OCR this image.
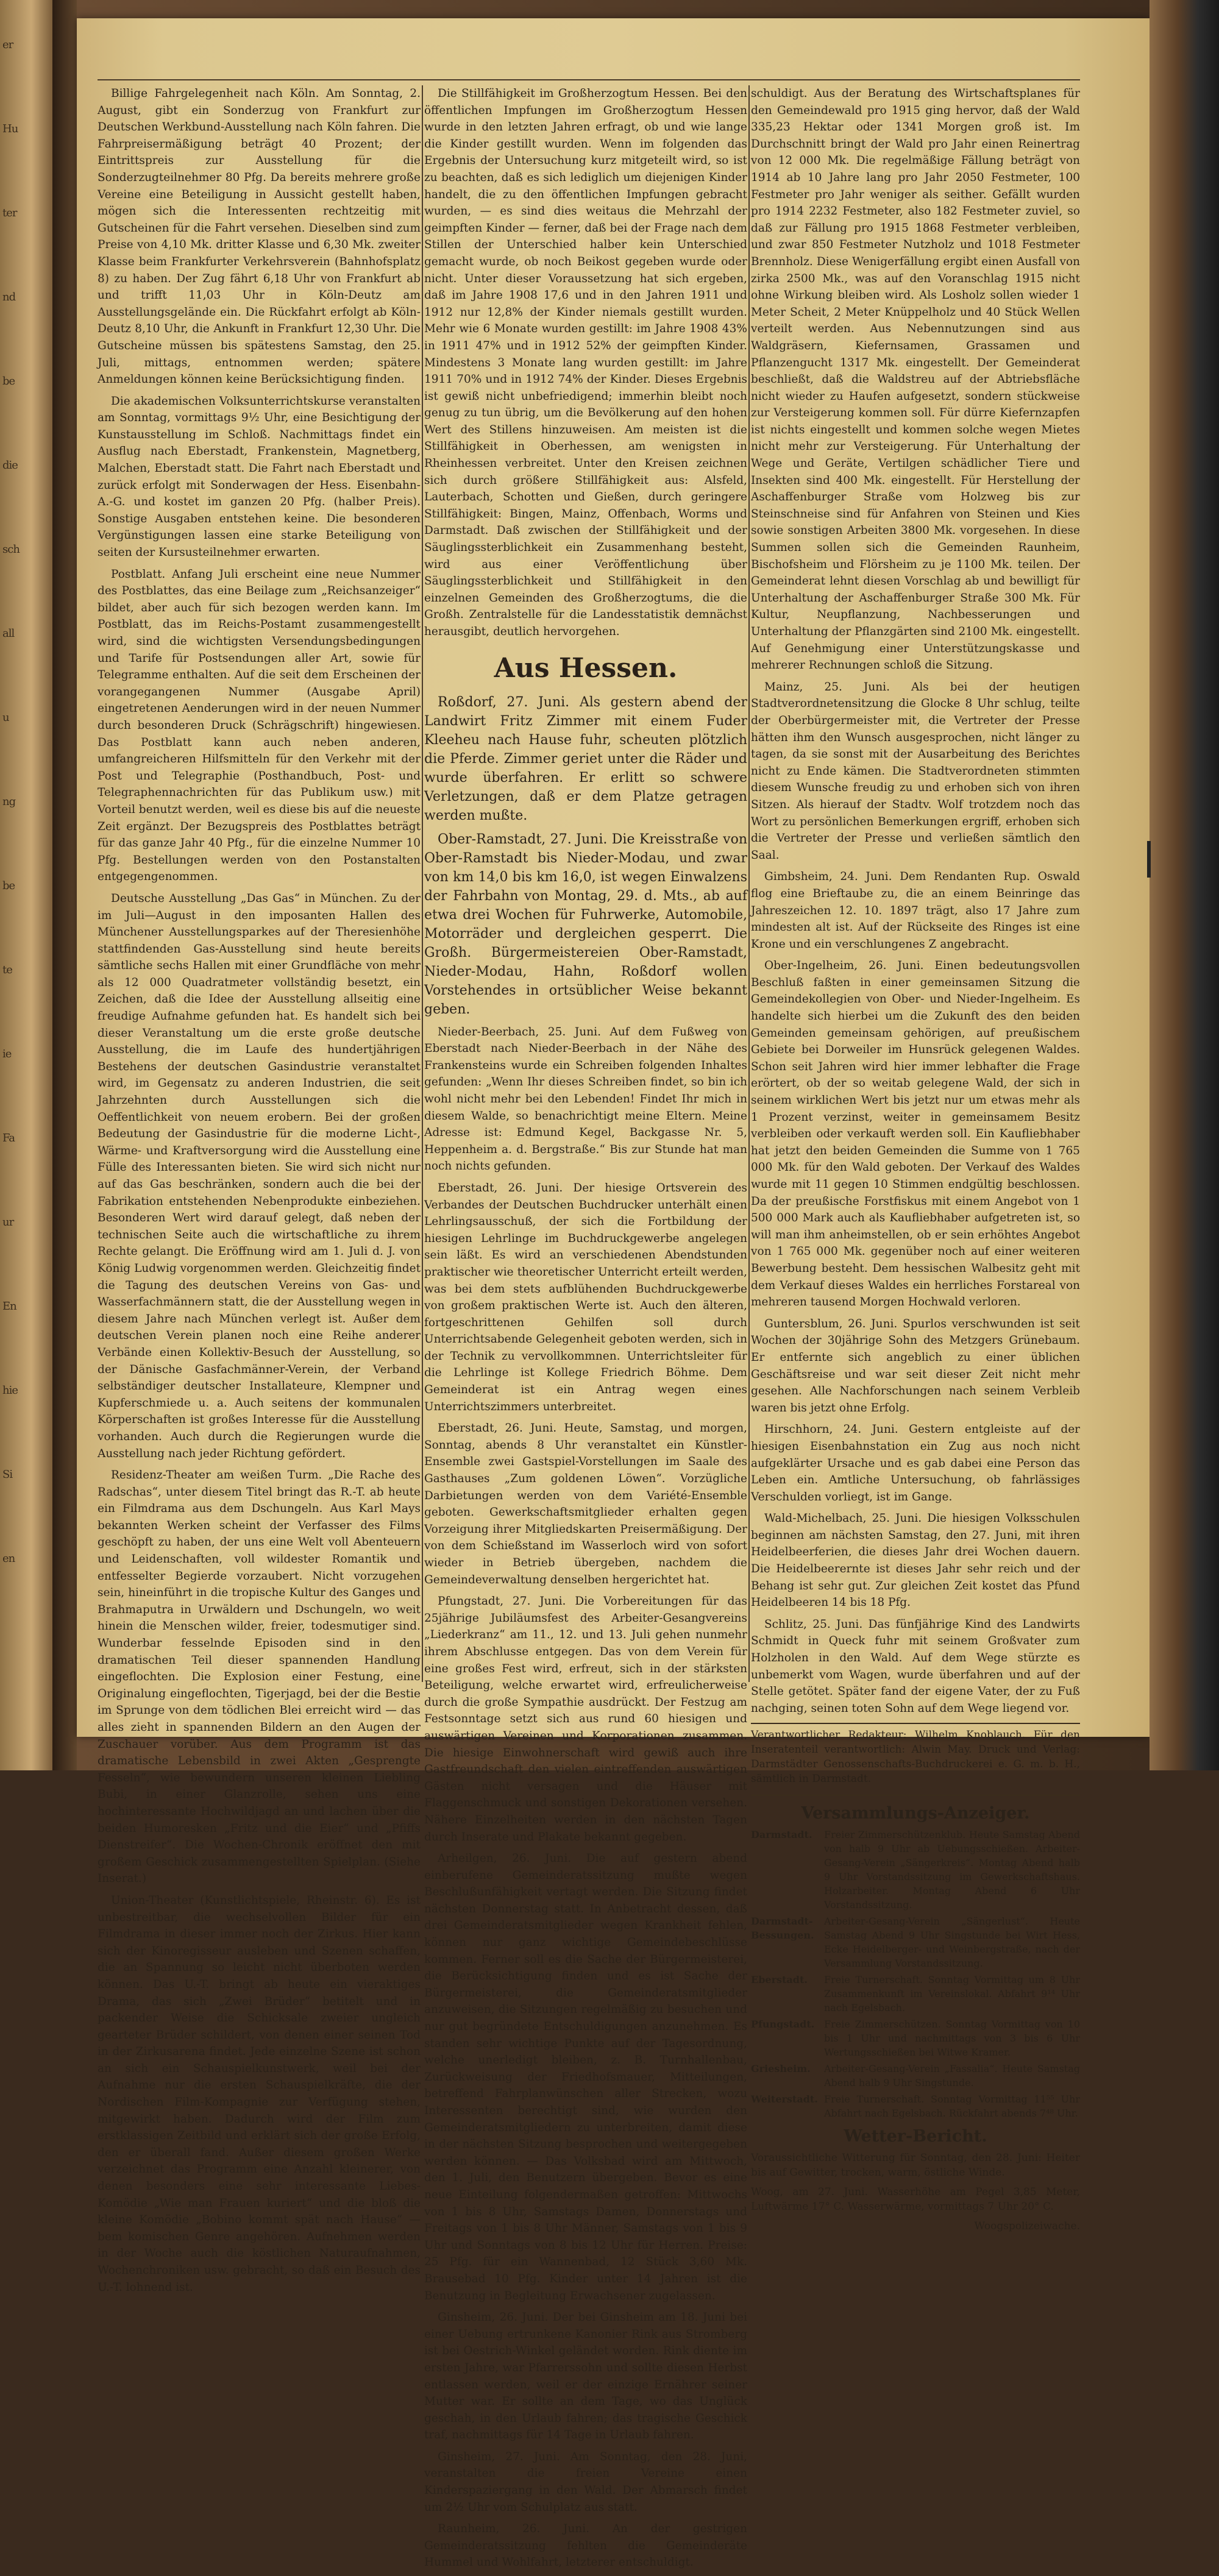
er

Hu

ter

nd

be

die

sch

all

u

ng

be

te

ie

Fa

ur

En

hie

Si

en

Billige Fahrgelegenheit nach Köln. Am Sonntag, 2. August, gibt ein Sonderzug von Frankfurt zur Deutschen Werkbund-Ausstellung nach Köln fahren. Die Fahrpreisermäßigung beträgt 40 Prozent; der Eintrittspreis zur Ausstellung für die Sonderzugteilnehmer 80 Pfg. Da bereits mehrere große Vereine eine Beteiligung in Aussicht gestellt haben, mögen sich die Interessenten rechtzeitig mit Gutscheinen für die Fahrt versehen. Dieselben sind zum Preise von 4,10 Mk. dritter Klasse und 6,30 Mk. zweiter Klasse beim Frankfurter Verkehrsverein (Bahnhofsplatz 8) zu haben. Der Zug fährt 6,18 Uhr von Frankfurt ab und trifft 11,03 Uhr in Köln-Deutz am Ausstellungsgelände ein. Die Rückfahrt erfolgt ab Köln-Deutz 8,10 Uhr, die Ankunft in Frankfurt 12,30 Uhr. Die Gutscheine müssen bis spätestens Samstag, den 25. Juli, mittags, entnommen werden; spätere Anmeldungen können keine Berücksichtigung finden.

Die akademischen Volksunterrichtskurse veranstalten am Sonntag, vormittags 9½ Uhr, eine Besichtigung der Kunstausstellung im Schloß. Nachmittags findet ein Ausflug nach Eberstadt, Frankenstein, Magnetberg, Malchen, Eberstadt statt. Die Fahrt nach Eberstadt und zurück erfolgt mit Sonderwagen der Hess. Eisenbahn-A.-G. und kostet im ganzen 20 Pfg. (halber Preis). Sonstige Ausgaben entstehen keine. Die besonderen Vergünstigungen lassen eine starke Beteiligung von seiten der Kursusteilnehmer erwarten.

Postblatt. Anfang Juli erscheint eine neue Nummer des Postblattes, das eine Beilage zum „Reichsanzeiger“ bildet, aber auch für sich bezogen werden kann. Im Postblatt, das im Reichs-Postamt zusammengestellt wird, sind die wichtigsten Versendungsbedingungen und Tarife für Postsendungen aller Art, sowie für Telegramme enthalten. Auf die seit dem Erscheinen der vorangegangenen Nummer (Ausgabe April) eingetretenen Aenderungen wird in der neuen Nummer durch besonderen Druck (Schrägschrift) hingewiesen. Das Postblatt kann auch neben anderen, umfangreicheren Hilfsmitteln für den Verkehr mit der Post und Telegraphie (Posthandbuch, Post- und Telegraphennachrichten für das Publikum usw.) mit Vorteil benutzt werden, weil es diese bis auf die neueste Zeit ergänzt. Der Bezugspreis des Postblattes beträgt für das ganze Jahr 40 Pfg., für die einzelne Nummer 10 Pfg. Bestellungen werden von den Postanstalten entgegengenommen.

Deutsche Ausstellung „Das Gas“ in München. Zu der im Juli—August in den imposanten Hallen des Münchener Ausstellungsparkes auf der Theresienhöhe stattfindenden Gas-Ausstellung sind heute bereits sämtliche sechs Hallen mit einer Grundfläche von mehr als 12 000 Quadratmeter vollständig besetzt, ein Zeichen, daß die Idee der Ausstellung allseitig eine freudige Aufnahme gefunden hat. Es handelt sich bei dieser Veranstaltung um die erste große deutsche Ausstellung, die im Laufe des hundertjährigen Bestehens der deutschen Gasindustrie veranstaltet wird, im Gegensatz zu anderen Industrien, die seit Jahrzehnten durch Ausstellungen sich die Oeffentlichkeit von neuem erobern. Bei der großen Bedeutung der Gasindustrie für die moderne Licht-, Wärme- und Kraftversorgung wird die Ausstellung eine Fülle des Interessanten bieten. Sie wird sich nicht nur auf das Gas beschränken, sondern auch die bei der Fabrikation entstehenden Nebenprodukte einbeziehen. Besonderen Wert wird darauf gelegt, daß neben der technischen Seite auch die wirtschaftliche zu ihrem Rechte gelangt. Die Eröffnung wird am 1. Juli d. J. von König Ludwig vorgenommen werden. Gleichzeitig findet die Tagung des deutschen Vereins von Gas- und Wasserfachmännern statt, die der Ausstellung wegen in diesem Jahre nach München verlegt ist. Außer dem deutschen Verein planen noch eine Reihe anderer Verbände einen Kollektiv-Besuch der Ausstellung, so der Dänische Gasfachmänner-Verein, der Verband selbständiger deutscher Installateure, Klempner und Kupferschmiede u. a. Auch seitens der kommunalen Körperschaften ist großes Interesse für die Ausstellung vorhanden. Auch durch die Regierungen wurde die Ausstellung nach jeder Richtung gefördert.

Residenz-Theater am weißen Turm. „Die Rache des Radschas“, unter diesem Titel bringt das R.-T. ab heute ein Filmdrama aus dem Dschungeln. Aus Karl Mays bekannten Werken scheint der Verfasser des Films geschöpft zu haben, der uns eine Welt voll Abenteuern und Leidenschaften, voll wildester Romantik und entfesselter Begierde vorzaubert. Nicht vorzugehen sein, hineinführt in die tropische Kultur des Ganges und Brahmaputra in Urwäldern und Dschungeln, wo weit hinein die Menschen wilder, freier, todesmutiger sind. Wunderbar fesselnde Episoden sind in den dramatischen Teil dieser spannenden Handlung eingeflochten. Die Explosion einer Festung, eine Originalung eingeflochten, Tigerjagd, bei der die Bestie im Sprunge von dem tödlichen Blei erreicht wird — das alles zieht in spannenden Bildern an den Augen der Zuschauer vorüber. Aus dem Programm ist das dramatische Lebensbild in zwei Akten „Gesprengte Fesseln“, wie bewundern unseren kleinen Liebling Bubi, in einer Glanzrolle, sehen uns eine hochinteressante Hochwildjagd an und lachen über die beiden Humoresken „Fritz und die Eier“ und „Pfiffs Dienstreifer“. Die Wochen-Chronik eröffnet den mit großem Geschick zusammengestellten Spielplan. (Siehe Inserat.)

Union-Theater (Kunstlichtspiele, Rheinstr. 6). Es ist unbestreitbar, die wechselvollen Bilder für ein Filmdrama in dieser immer noch der Zirkus. Hier kann sich der Kinoregisseur ausleben und Szenen schaffen, die an Spannung so leicht nicht überboten werden können. Das U.-T. bringt ab heute ein vieraktiges Drama, das sich „Zwei Brüder“ betitelt und in packender Weise die Schicksale zweier ungleich gearteter Brüder schildert, von denen einer seinen Tod in der Zirkusarena findet. Jede einzelne Szene ist schon an sich ein Schauspielkunstwerk, weil bei der Aufnahme nur die ersten Schauspielkräfte, die der Nordischen Film-Kompagnie zur Verfügung stehen, mitgewirkt haben. Dadurch wird der Film zum erstklassigen Zeitbild und erklärt sich der große Erfolg, den er überall fand. Außer diesem großen Werke verzeichnet das Programm eine Anzahl kleinerer, von denen besonders eine sehr interessante Liebes-Komödie „Wie man Frauen kuriert“ und die bloß die kleine Komödie „Bobino kommt spät nach Hause“ — bem komischen Genre angehören. Aufnehmen werden in der Woche auch die köstlichen Naturaufnahmen, Wochenchroniken usw. gebracht, so daß ein Besuch des U.-T. lohnend ist.

Die Stillfähigkeit im Großherzogtum Hessen. Bei den öffentlichen Impfungen im Großherzogtum Hessen wurde in den letzten Jahren erfragt, ob und wie lange die Kinder gestillt wurden. Wenn im folgenden das Ergebnis der Untersuchung kurz mitgeteilt wird, so ist zu beachten, daß es sich lediglich um diejenigen Kinder handelt, die zu den öffentlichen Impfungen gebracht wurden, — es sind dies weitaus die Mehrzahl der geimpften Kinder — ferner, daß bei der Frage nach dem Stillen der Unterschied halber kein Unterschied gemacht wurde, ob noch Beikost gegeben wurde oder nicht. Unter dieser Voraussetzung hat sich ergeben, daß im Jahre 1908 17,6 und in den Jahren 1911 und 1912 nur 12,8% der Kinder niemals gestillt wurden. Mehr wie 6 Monate wurden gestillt: im Jahre 1908 43% in 1911 47% und in 1912 52% der geimpften Kinder. Mindestens 3 Monate lang wurden gestillt: im Jahre 1911 70% und in 1912 74% der Kinder. Dieses Ergebnis ist gewiß nicht unbefriedigend; immerhin bleibt noch genug zu tun übrig, um die Bevölkerung auf den hohen Wert des Stillens hinzuweisen. Am meisten ist die Stillfähigkeit in Oberhessen, am wenigsten in Rheinhessen verbreitet. Unter den Kreisen zeichnen sich durch größere Stillfähigkeit aus: Alsfeld, Lauterbach, Schotten und Gießen, durch geringere Stillfähigkeit: Bingen, Mainz, Offenbach, Worms und Darmstadt. Daß zwischen der Stillfähigkeit und der Säuglingssterblichkeit ein Zusammenhang besteht, wird aus einer Veröffentlichung über Säuglingssterblichkeit und Stillfähigkeit in den einzelnen Gemeinden des Großherzogtums, die die Großh. Zentralstelle für die Landesstatistik demnächst herausgibt, deutlich hervorgehen.

Aus Hessen.

Roßdorf, 27. Juni. Als gestern abend der Landwirt Fritz Zimmer mit einem Fuder Kleeheu nach Hause fuhr, scheuten plötzlich die Pferde. Zimmer geriet unter die Räder und wurde überfahren. Er erlitt so schwere Verletzungen, daß er dem Platze getragen werden mußte.

Ober-Ramstadt, 27. Juni. Die Kreisstraße von Ober-Ramstadt bis Nieder-Modau, und zwar von km 14,0 bis km 16,0, ist wegen Einwalzens der Fahrbahn von Montag, 29. d. Mts., ab auf etwa drei Wochen für Fuhrwerke, Automobile, Motorräder und dergleichen gesperrt. Die Großh. Bürgermeistereien Ober-Ramstadt, Nieder-Modau, Hahn, Roßdorf wollen Vorstehendes in ortsüblicher Weise bekannt geben.

Nieder-Beerbach, 25. Juni. Auf dem Fußweg von Eberstadt nach Nieder-Beerbach in der Nähe des Frankensteins wurde ein Schreiben folgenden Inhaltes gefunden: „Wenn Ihr dieses Schreiben findet, so bin ich wohl nicht mehr bei den Lebenden! Findet Ihr mich in diesem Walde, so benachrichtigt meine Eltern. Meine Adresse ist: Edmund Kegel, Backgasse Nr. 5, Heppenheim a. d. Bergstraße.“ Bis zur Stunde hat man noch nichts gefunden.

Eberstadt, 26. Juni. Der hiesige Ortsverein des Verbandes der Deutschen Buchdrucker unterhält einen Lehrlingsausschuß, der sich die Fortbildung der hiesigen Lehrlinge im Buchdruckgewerbe angelegen sein läßt. Es wird an verschiedenen Abendstunden praktischer wie theoretischer Unterricht erteilt werden, was bei dem stets aufblühenden Buchdruckgewerbe von großem praktischen Werte ist. Auch den älteren, fortgeschrittenen Gehilfen soll durch Unterrichtsabende Gelegenheit geboten werden, sich in der Technik zu vervollkommnen. Unterrichtsleiter für die Lehrlinge ist Kollege Friedrich Böhme. Dem Gemeinderat ist ein Antrag wegen eines Unterrichtszimmers unterbreitet.

Eberstadt, 26. Juni. Heute, Samstag, und morgen, Sonntag, abends 8 Uhr veranstaltet ein Künstler-Ensemble zwei Gastspiel-Vorstellungen im Saale des Gasthauses „Zum goldenen Löwen“. Vorzügliche Darbietungen werden von dem Variété-Ensemble geboten. Gewerkschaftsmitglieder erhalten gegen Vorzeigung ihrer Mitgliedskarten Preisermäßigung. Der von dem Schießstand im Wasserloch wird von sofort wieder in Betrieb übergeben, nachdem die Gemeindeverwaltung denselben hergerichtet hat.

Pfungstadt, 27. Juni. Die Vorbereitungen für das 25jährige Jubiläumsfest des Arbeiter-Gesangvereins „Liederkranz“ am 11., 12. und 13. Juli gehen nunmehr ihrem Abschlusse entgegen. Das von dem Verein für eine großes Fest wird, erfreut, sich in der stärksten Beteiligung, welche erwartet wird, erfreulicherweise durch die große Sympathie ausdrückt. Der Festzug am Festsonntage setzt sich aus rund 60 hiesigen und auswärtigen Vereinen und Korporationen zusammen. Die hiesige Einwohnerschaft wird gewiß auch ihre Gastfreundschaft den vielen eintreffenden auswärtigen Gästen nicht versagen und die Häuser mit Flaggenschmuck und sonstigen Dekorationen versehen. Nähere Einzelheiten werden in den nächsten Tagen durch Inserate und Plakate bekannt gegeben.

Arheilgen, 26. Juni. Die auf gestern abend einberufene Gemeinderatssitzung mußte wegen Beschlußunfähigkeit vertagt werden. Die Sitzung findet nächsten Donnerstag statt. In Anbetracht dessen, daß drei Gemeinderatsmitglieder wegen Krankheit fehlen, können nur ganz wichtige Gemeindebeschlüsse kommen. Ferner soll es die Sache der Bürgermeisterei, die Berücksichtigung finden und es ist Sache der Bürgermeisterei, die Gemeinderatsmitglieder anzuweisen, die Sitzungen regelmäßig zu besuchen und nur gut begründete Entschuldigungen anzunehmen. Es standen sehr wichtige Punkte auf der Tagesordnung, welche unerledigt bleiben, z. B. Turnhallenbau, Zurückweisung der Friedhofsmauer, Mitteilungen, betreffend Fahrplanwünschen aller Strecken, wozu Interessenten berechtigt sind, wie wurden den Gemeinderatsmitgliedern zu unterbreiten, damit diese in der nächsten Sitzung besprochen und weitergegeben werden können. — Das Volksbad wird am Mittwoch, den 1. Juli, den Benutzern übergeben. Bevor es eine neue Einteilung folgendermaßen getroffen: Mittwochs von 1 bis 8 Uhr, Samstags Damen, Donnerstags und Freitags von 1 bis 8 Uhr Männer, Samstags von 1 bis 9 Uhr und Sonntags von 8 bis 12 Uhr für Herren. Preise: 25 Pfg. für ein Wannenbad, 12 Stück 3,60 Mk. Brausebad 10 Pfg. Kinder unter 14 Jahren ist die Benutzung in Begleitung Erwachsener zugelassen.

Ginsheim, 26. Juni. Der bei Ginsheim am 18. Juni bei einer Uebung ertrunkene Kanonier Rink aus Stromberg ist bei Oestrich-Winkel geländet worden. Rink diente im ersten Jahre, war Pfarrerssohn und sollte diesen Herbst entlassen werden, weil er der einzige Ernährer seiner Mutter war. Er sollte an dem Tage, wo das Unglück geschah, in den Urlaub fahren; das tragische Geschick traf, nachmittags für 14 Tage in Urlaub fahren.

Ginsheim, 27. Juni. Am Sonntag, den 28. Juni, veranstalten die freien Vereine einen Kinderspaziergang in den Wald. Der Abmarsch findet um 2½ Uhr vom Schulplatz aus statt.

Raunheim, 26. Juni. An der gestrigen Gemeinderatssitzung fehlten die Gemeinderäte Hummel und Wohlfahrt, letzterer entschuldigt.

schuldigt. Aus der Beratung des Wirtschaftsplanes für den Gemeindewald pro 1915 ging hervor, daß der Wald 335,23 Hektar oder 1341 Morgen groß ist. Im Durchschnitt bringt der Wald pro Jahr einen Reinertrag von 12 000 Mk. Die regelmäßige Fällung beträgt von 1914 ab 10 Jahre lang pro Jahr 2050 Festmeter, 100 Festmeter pro Jahr weniger als seither. Gefällt wurden pro 1914 2232 Festmeter, also 182 Festmeter zuviel, so daß zur Fällung pro 1915 1868 Festmeter verbleiben, und zwar 850 Festmeter Nutzholz und 1018 Festmeter Brennholz. Diese Wenigerfällung ergibt einen Ausfall von zirka 2500 Mk., was auf den Voranschlag 1915 nicht ohne Wirkung bleiben wird. Als Losholz sollen wieder 1 Meter Scheit, 2 Meter Knüppelholz und 40 Stück Wellen verteilt werden. Aus Nebennutzungen sind aus Waldgräsern, Kiefernsamen, Grassamen und Pflanzengucht 1317 Mk. eingestellt. Der Gemeinderat beschließt, daß die Waldstreu auf der Abtriebsfläche nicht wieder zu Haufen aufgesetzt, sondern stückweise zur Versteigerung kommen soll. Für dürre Kiefernzapfen ist nichts eingestellt und kommen solche wegen Mietes nicht mehr zur Versteigerung. Für Unterhaltung der Wege und Geräte, Vertilgen schädlicher Tiere und Insekten sind 400 Mk. eingestellt. Für Herstellung der Aschaffenburger Straße vom Holzweg bis zur Steinschneise sind für Anfahren von Steinen und Kies sowie sonstigen Arbeiten 3800 Mk. vorgesehen. In diese Summen sollen sich die Gemeinden Raunheim, Bischofsheim und Flörsheim zu je 1100 Mk. teilen. Der Gemeinderat lehnt diesen Vorschlag ab und bewilligt für Unterhaltung der Aschaffenburger Straße 300 Mk. Für Kultur, Neupflanzung, Nachbesserungen und Unterhaltung der Pflanzgärten sind 2100 Mk. eingestellt. Auf Genehmigung einer Unterstützungskasse und mehrerer Rechnungen schloß die Sitzung.

Mainz, 25. Juni. Als bei der heutigen Stadtverordnetensitzung die Glocke 8 Uhr schlug, teilte der Oberbürgermeister mit, die Vertreter der Presse hätten ihm den Wunsch ausgesprochen, nicht länger zu tagen, da sie sonst mit der Ausarbeitung des Berichtes nicht zu Ende kämen. Die Stadtverordneten stimmten diesem Wunsche freudig zu und erhoben sich von ihren Sitzen. Als hierauf der Stadtv. Wolf trotzdem noch das Wort zu persönlichen Bemerkungen ergriff, erhoben sich die Vertreter der Presse und verließen sämtlich den Saal.

Gimbsheim, 24. Juni. Dem Rendanten Rup. Oswald flog eine Brieftaube zu, die an einem Beinringe das Jahreszeichen 12. 10. 1897 trägt, also 17 Jahre zum mindesten alt ist. Auf der Rückseite des Ringes ist eine Krone und ein verschlungenes Z angebracht.

Ober-Ingelheim, 26. Juni. Einen bedeutungsvollen Beschluß faßten in einer gemeinsamen Sitzung die Gemeindekollegien von Ober- und Nieder-Ingelheim. Es handelte sich hierbei um die Zukunft des den beiden Gemeinden gemeinsam gehörigen, auf preußischem Gebiete bei Dorweiler im Hunsrück gelegenen Waldes. Schon seit Jahren wird hier immer lebhafter die Frage erörtert, ob der so weitab gelegene Wald, der sich in seinem wirklichen Wert bis jetzt nur um etwas mehr als 1 Prozent verzinst, weiter in gemeinsamem Besitz verbleiben oder verkauft werden soll. Ein Kaufliebhaber hat jetzt den beiden Gemeinden die Summe von 1 765 000 Mk. für den Wald geboten. Der Verkauf des Waldes wurde mit 11 gegen 10 Stimmen endgültig beschlossen. Da der preußische Forstfiskus mit einem Angebot von 1 500 000 Mark auch als Kaufliebhaber aufgetreten ist, so will man ihm anheimstellen, ob er sein erhöhtes Angebot von 1 765 000 Mk. gegenüber noch auf einer weiteren Bewerbung besteht. Dem hessischen Walbesitz geht mit dem Verkauf dieses Waldes ein herrliches Forstareal von mehreren tausend Morgen Hochwald verloren.

Guntersblum, 26. Juni. Spurlos verschwunden ist seit Wochen der 30jährige Sohn des Metzgers Grünebaum. Er entfernte sich angeblich zu einer üblichen Geschäftsreise und war seit dieser Zeit nicht mehr gesehen. Alle Nachforschungen nach seinem Verbleib waren bis jetzt ohne Erfolg.

Hirschhorn, 24. Juni. Gestern entgleiste auf der hiesigen Eisenbahnstation ein Zug aus noch nicht aufgeklärter Ursache und es gab dabei eine Person das Leben ein. Amtliche Untersuchung, ob fahrlässiges Verschulden vorliegt, ist im Gange.

Wald-Michelbach, 25. Juni. Die hiesigen Volksschulen beginnen am nächsten Samstag, den 27. Juni, mit ihren Heidelbeerferien, die dieses Jahr drei Wochen dauern. Die Heidelbeerernte ist dieses Jahr sehr reich und der Behang ist sehr gut. Zur gleichen Zeit kostet das Pfund Heidelbeeren 14 bis 18 Pfg.

Schlitz, 25. Juni. Das fünfjährige Kind des Landwirts Schmidt in Queck fuhr mit seinem Großvater zum Holzholen in den Wald. Auf dem Wege stürzte es unbemerkt vom Wagen, wurde überfahren und auf der Stelle getötet. Später fand der eigene Vater, der zu Fuß nachging, seinen toten Sohn auf dem Wege liegend vor.

Verantwortlicher Redakteur: Wilhelm Knoblauch. Für den Inseratenteil verantwortlich: Alwin May. Druck und Verlag: Darmstädter Genossenschafts-Buchdruckerei e. G. m. b. H., sämtlich in Darmstadt.

Versammlungs-Anzeiger.
Darmstadt.	Freier Zimmerschützenklub. Heute Samstag Abend von halb 9 Uhr ab Uebungsschießen. Arbeiter-Gesang-Verein „Sängerkreis“. Montag Abend halb 9 Uhr Vorstandssitzung im Gewerkschaftshaus. Holzarbeiter. Montag Abend 6 Uhr Vorstandssitzung.
Darmstadt-Bessungen.
Arbeiter-Gesang-Verein „Sängerlust“. Heute Samstag Abend 9 Uhr Singstunde bei Wirt Hess, Ecke Heidelberger- und Weinbergstraße, nach der Versammlung Vorstandssitzung.
Eberstadt.	Freie Turnerschaft. Sonntag Vormittag um 8 Uhr Zusammenkunft im Vereinslokal. Abfahrt 9¹⁴ Uhr nach Egelsbach.
Pfungstadt. Freie Zimmerschützen. Sonntag Vormittag von 10 bis 1 Uhr und nachmittags von 3 bis 6 Uhr Wertungsschießen bei Witwe Kramer.
Griesheim.	Arbeiter-Gesang-Verein „Fassalia“. Heute Samstag Abend halb 9 Uhr Singstunde.
Weiterstadt. Freie Turnerschaft. Sonntag Vormittag 11⁵⁵ Uhr Abfahrt nach Egelsbach. Rückfahrt abends 7⁴⁸ Uhr.
Wetter-Bericht.

Voraussichtliche Witterung für Sonntag, den 28. Juni: Heiter bis auf Gewitter, trocken, warm, östliche Winde.

Woog, am 27. Juni. Wasserhöhe am Pegel 3,85 Meter, Luftwärme 17° C. Wasserwärme, vormittags 7 Uhr 20° C.

Woogspolizeiwache.
